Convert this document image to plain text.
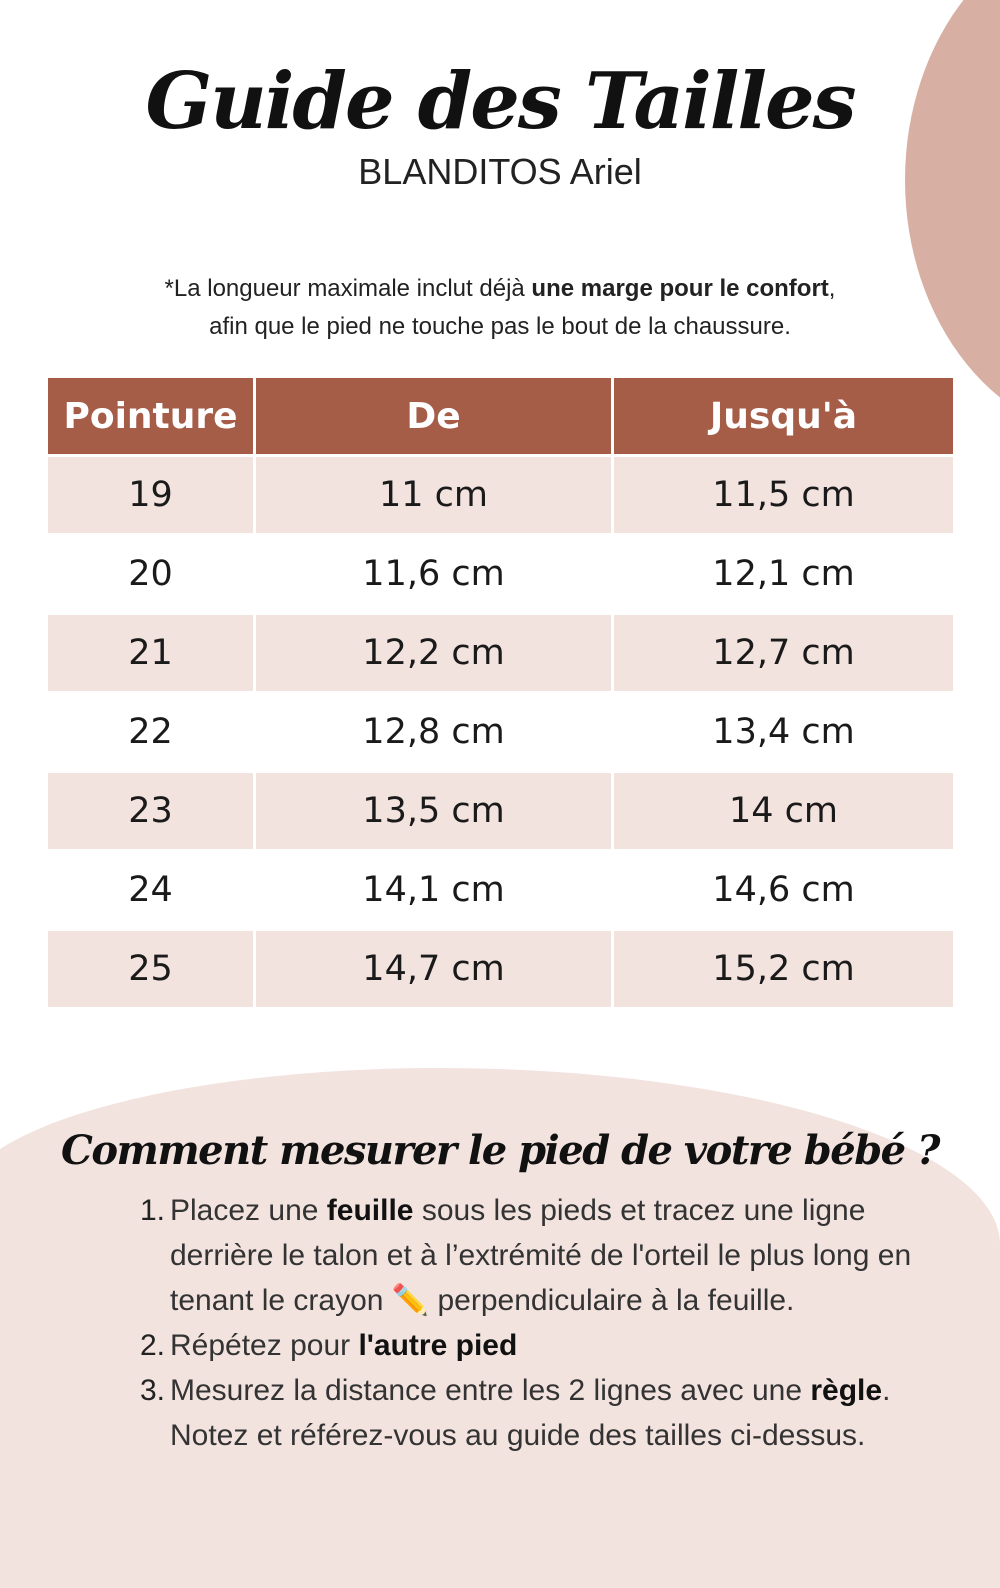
Guide des Tailles
BLANDITOS Ariel
*La longueur maximale inclut déjà une marge pour le confort,
afin que le pied ne touche pas le bout de la chaussure.
Pointure	De	Jusqu'à
19	11 cm	11,5 cm
20	11,6 cm	12,1 cm
21	12,2 cm	12,7 cm
22	12,8 cm	13,4 cm
23	13,5 cm	14 cm
24	14,1 cm	14,6 cm
25	14,7 cm	15,2 cm
Comment mesurer le pied de votre bébé ?
1. Placez une feuille sous les pieds et tracez une ligne derrière le talon et à l’extrémité de l'orteil le plus long en tenant le crayon ✏️ perpendiculaire à la feuille.
2. Répétez pour l'autre pied
3. Mesurez la distance entre les 2 lignes avec une règle. Notez et référez-vous au guide des tailles ci-dessus.
